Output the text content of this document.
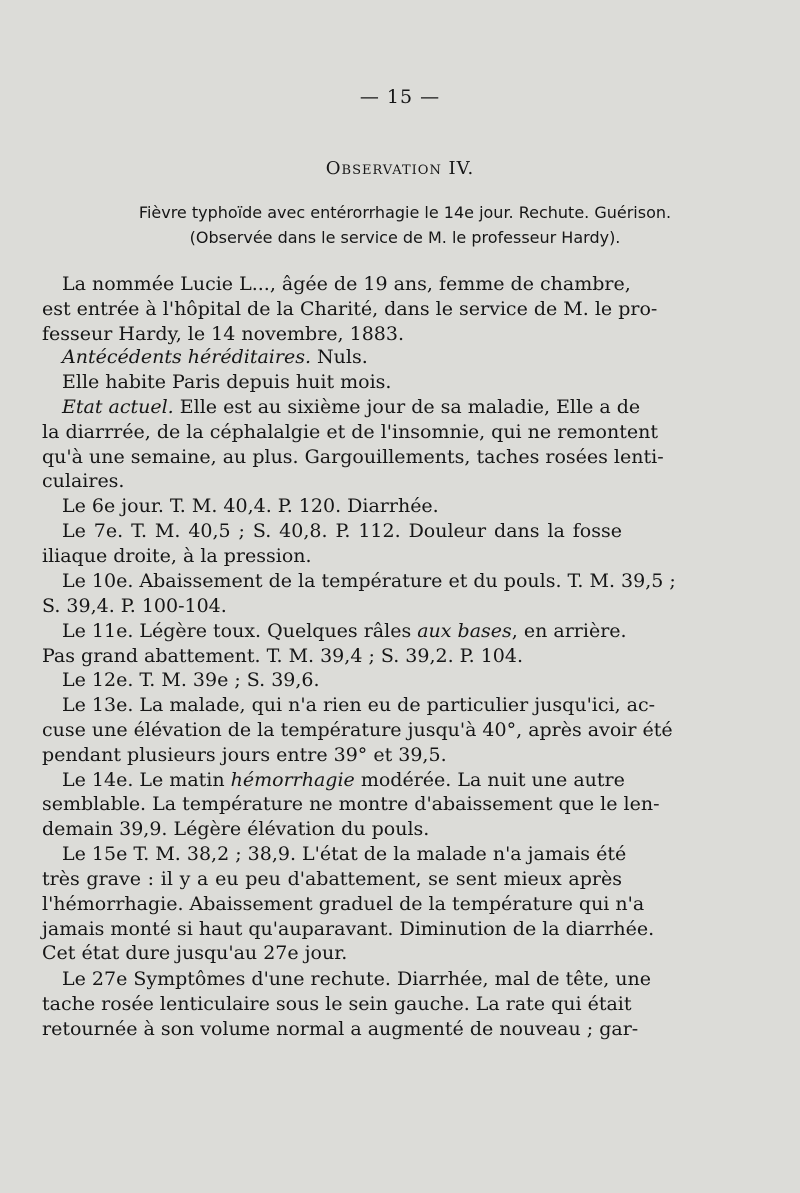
— 15 —
Observation IV.
Fièvre typhoïde avec entérorrhagie le 14e jour. Rechute. Guérison.
(Observée dans le service de M. le professeur Hardy).
La nommée Lucie L..., âgée de 19 ans, femme de chambre,
est entrée à l'hôpital de la Charité, dans le service de M. le pro-
fesseur Hardy, le 14 novembre, 1883.
Antécédents héréditaires. Nuls.
Elle habite Paris depuis huit mois.
Etat actuel. Elle est au sixième jour de sa maladie, Elle a de
la diarrrée, de la céphalalgie et de l'insomnie, qui ne remontent
qu'à une semaine, au plus. Gargouillements, taches rosées lenti-
culaires.
Le 6e jour. T. M. 40,4. P. 120. Diarrhée.
Le 7e. T. M. 40,5 ; S. 40,8. P. 112. Douleur dans la fosse
iliaque droite, à la pression.
Le 10e. Abaissement de la température et du pouls. T. M. 39,5 ;
S. 39,4. P. 100-104.
Le 11e. Légère toux. Quelques râles aux bases, en arrière.
Pas grand abattement. T. M. 39,4 ; S. 39,2. P. 104.
Le 12e. T. M. 39e ; S. 39,6.
Le 13e. La malade, qui n'a rien eu de particulier jusqu'ici, ac-
cuse une élévation de la température jusqu'à 40°, après avoir été
pendant plusieurs jours entre 39° et 39,5.
Le 14e. Le matin hémorrhagie modérée. La nuit une autre
semblable. La température ne montre d'abaissement que le len-
demain 39,9. Légère élévation du pouls.
Le 15e T. M. 38,2 ; 38,9. L'état de la malade n'a jamais été
très grave : il y a eu peu d'abattement, se sent mieux après
l'hémorrhagie. Abaissement graduel de la température qui n'a
jamais monté si haut qu'auparavant. Diminution de la diarrhée.
Cet état dure jusqu'au 27e jour.
Le 27e Symptômes d'une rechute. Diarrhée, mal de tête, une
tache rosée lenticulaire sous le sein gauche. La rate qui était
retournée à son volume normal a augmenté de nouveau ; gar-
